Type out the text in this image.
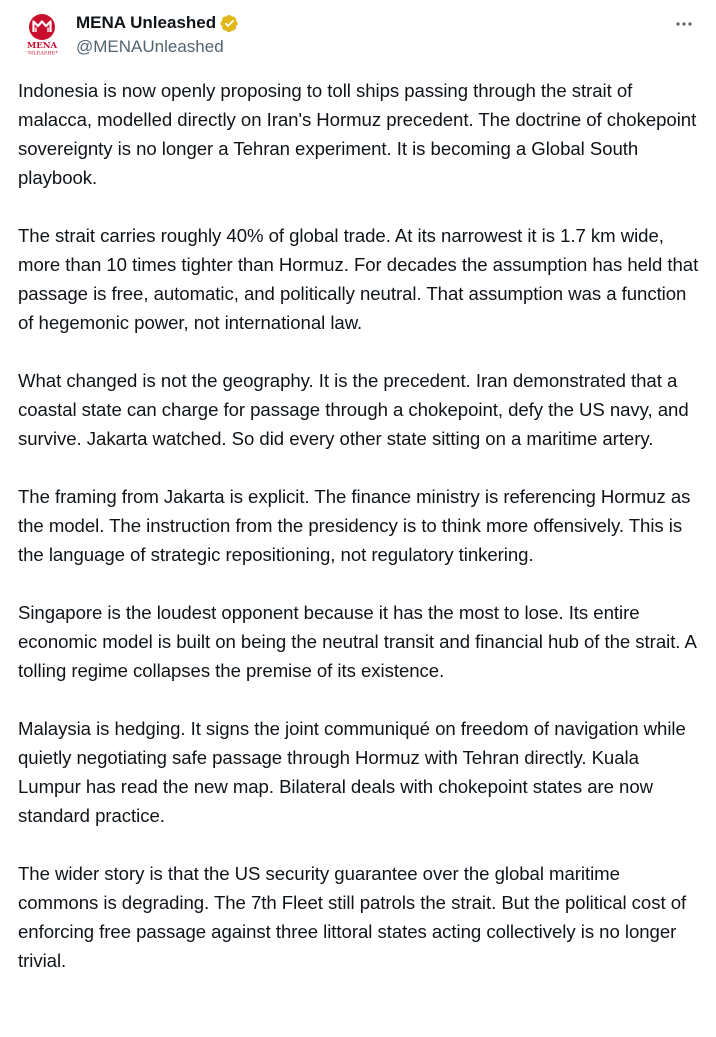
MENA
UNLEASHED
MENA Unleashed
@MENAUnleashed

Indonesia is now openly proposing to toll ships passing through the strait of malacca, modelled directly on Iran's Hormuz precedent. The doctrine of chokepoint sovereignty is no longer a Tehran experiment. It is becoming a Global South playbook.

The strait carries roughly 40% of global trade. At its narrowest it is 1.7 km wide, more than 10 times tighter than Hormuz. For decades the assumption has held that passage is free, automatic, and politically neutral. That assumption was a function of hegemonic power, not international law.

What changed is not the geography. It is the precedent. Iran demonstrated that a coastal state can charge for passage through a chokepoint, defy the US navy, and survive. Jakarta watched. So did every other state sitting on a maritime artery.

The framing from Jakarta is explicit. The finance ministry is referencing Hormuz as the model. The instruction from the presidency is to think more offensively. This is the language of strategic repositioning, not regulatory tinkering.

Singapore is the loudest opponent because it has the most to lose. Its entire economic model is built on being the neutral transit and financial hub of the strait. A tolling regime collapses the premise of its existence.

Malaysia is hedging. It signs the joint communiqué on freedom of navigation while quietly negotiating safe passage through Hormuz with Tehran directly. Kuala Lumpur has read the new map. Bilateral deals with chokepoint states are now standard practice.

The wider story is that the US security guarantee over the global maritime commons is degrading. The 7th Fleet still patrols the strait. But the political cost of enforcing free passage against three littoral states acting collectively is no longer trivial.
